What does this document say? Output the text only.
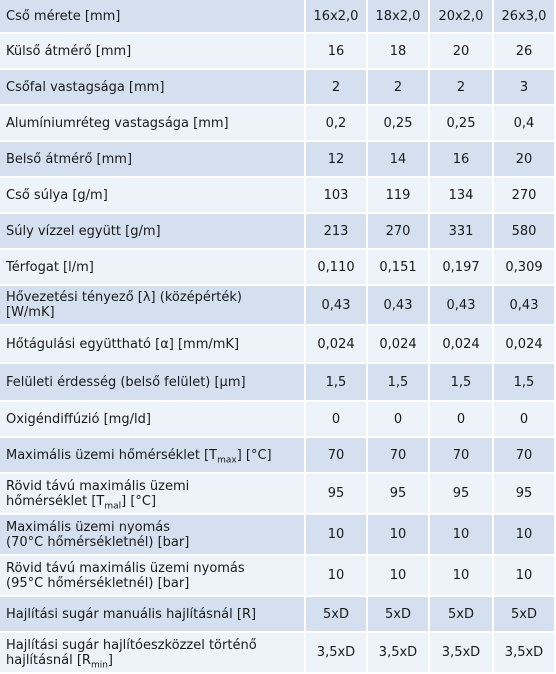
Cső mérete [mm]	16x2,0	18x2,0	20x2,0	26x3,0
Külső átmérő [mm]	16	18	20	26
Csőfal vastagsága [mm]	2	2	2	3
Alumíniumréteg vastagsága [mm]	0,2	0,25	0,25	0,4
Belső átmérő [mm]	12	14	16	20
Cső súlya [g/m]	103	119	134	270
Súly vízzel együtt [g/m]	213	270	331	580
Térfogat [l/m]	0,110	0,151	0,197	0,309
Hővezetési tényező [λ] (középérték)
[W/mK]	0,43	0,43	0,43	0,43
Hőtágulási együttható [α] [mm/mK]	0,024	0,024	0,024	0,024
Felületi érdesség (belső felület) [μm]	1,5	1,5	1,5	1,5
Oxigéndiffúzió [mg/ld]	0	0	0	0
Maximális üzemi hőmérséklet $[T_{max}]$ [°C]	70	70	70	70
Rövid távú maximális üzemi
hőmérséklet $[T_{mal}]$ [°C]	95	95	95	95
Maximális üzemi nyomás
(70°C hőmérsékletnél) [bar]	10	10	10	10
Rövid távú maximális üzemi nyomás
(95°C hőmérsékletnél) [bar]	10	10	10	10
Hajlítási sugár manuális hajlításnál [R]	5xD	5xD	5xD	5xD
Hajlítási sugár hajlítóeszközzel történő
hajlításnál $[R_{min}]$	3,5xD	3,5xD	3,5xD	3,5xD
